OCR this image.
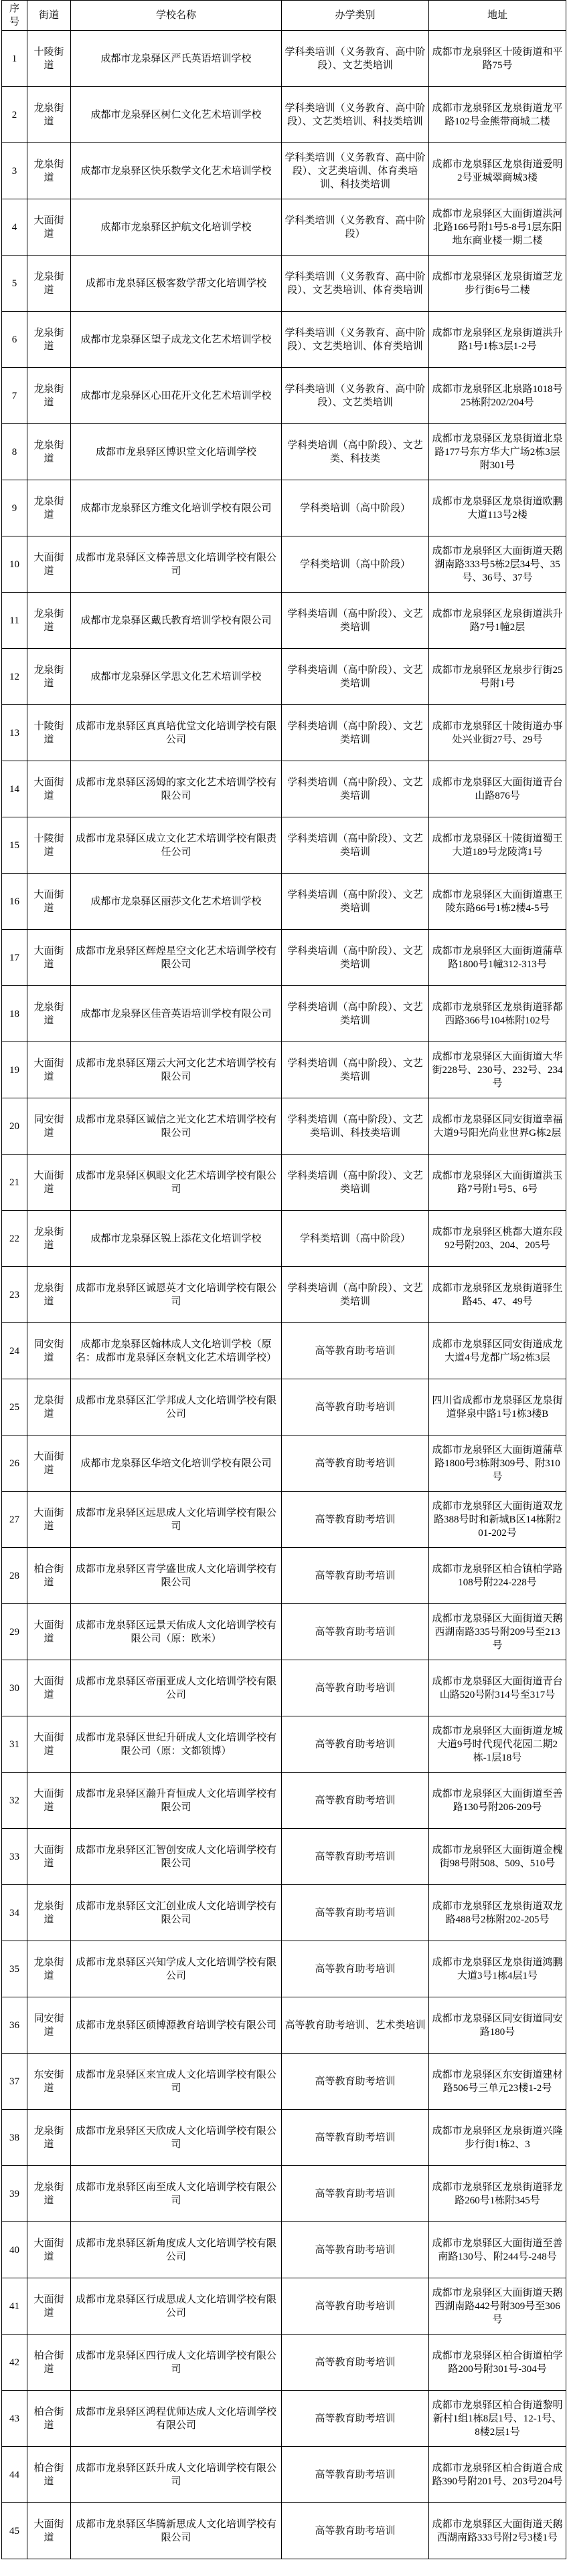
序号	街道	学校名称	办学类别	地址
1	十陵街道	成都市龙泉驿区严氏英语培训学校	学科类培训（义务教育、高中阶段）、文艺类培训	成都市龙泉驿区十陵街道和平路75号
2	龙泉街道	成都市龙泉驿区树仁文化艺术培训学校	学科类培训（义务教育、高中阶段）、文艺类培训、科技类培训	成都市龙泉驿区龙泉街道龙平路102号金熊带商城二楼
3	龙泉街道	成都市龙泉驿区快乐数学文化艺术培训学校	学科类培训（义务教育、高中阶段）、文艺类培训、体育类培训、科技类培训	成都市龙泉驿区龙泉街道爱明2号亚城翠商城3楼
4	大面街道	成都市龙泉驿区护航文化培训学校	学科类培训（义务教育、高中阶段）	成都市龙泉驿区大面街道洪河北路166号附1号5-8号1层东阳地东商业楼一期二楼
5	龙泉街道	成都市龙泉驿区极客数学帮文化培训学校	学科类培训（义务教育、高中阶段）、文艺类培训、体育类培训	成都市龙泉驿区龙泉街道芝龙步行街6号二楼
6	龙泉街道	成都市龙泉驿区望子成龙文化艺术培训学校	学科类培训（义务教育、高中阶段）、文艺类培训、体育类培训	成都市龙泉驿区龙泉街道洪升路1号1栋3层1-2号
7	龙泉街道	成都市龙泉驿区心田花开文化艺术培训学校	学科类培训（义务教育、高中阶段）、文艺类培训	成都市龙泉驿区北泉路1018号25栋附202/204号
8	龙泉街道	成都市龙泉驿区博识堂文化培训学校	学科类培训（高中阶段）、文艺类、科技类	成都市龙泉驿区龙泉街道北泉路177号东方华大广场2栋3层附301号
9	龙泉街道	成都市龙泉驿区方维文化培训学校有限公司	学科类培训（高中阶段）	成都市龙泉驿区龙泉街道欧鹏大道113号2楼
10	大面街道	成都市龙泉驿区文棒善思文化培训学校有限公司	学科类培训（高中阶段）	成都市龙泉驿区大面街道天鹅湖南路333号5栋2层34号、35号、36号、37号
11	龙泉街道	成都市龙泉驿区戴氏教育培训学校有限公司	学科类培训（高中阶段）、文艺类培训	成都市龙泉驿区龙泉街道洪升路7号1幢2层
12	龙泉街道	成都市龙泉驿区学思文化艺术培训学校	学科类培训（高中阶段）、文艺类培训	成都市龙泉驿区龙泉步行街25号附1号
13	十陵街道	成都市龙泉驿区真真培优堂文化培训学校有限公司	学科类培训（高中阶段）、文艺类培训	成都市龙泉驿区十陵街道办事处兴业街27号、29号
14	大面街道	成都市龙泉驿区汤姆的家文化艺术培训学校有限公司	学科类培训（高中阶段）、文艺类培训	成都市龙泉驿区大面街道青台山路876号
15	十陵街道	成都市龙泉驿区成立文化艺术培训学校有限责任公司	学科类培训（高中阶段）、文艺类培训	成都市龙泉驿区十陵街道蜀王大道189号龙陵湾1号
16	大面街道	成都市龙泉驿区丽莎文化艺术培训学校	学科类培训（高中阶段）、文艺类培训	成都市龙泉驿区大面街道惠王陵东路66号1栋2楼4-5号
17	大面街道	成都市龙泉驿区辉煌星空文化艺术培训学校有限公司	学科类培训（高中阶段）、文艺类培训	成都市龙泉驿区大面街道蒲草路1800号1幢312-313号
18	龙泉街道	成都市龙泉驿区佳音英语培训学校有限公司	学科类培训（高中阶段）、文艺类培训	成都市龙泉驿区龙泉街道驿都西路366号104栋附102号
19	大面街道	成都市龙泉驿区翔云大河文化艺术培训学校有限公司	学科类培训（高中阶段）、文艺类培训	成都市龙泉驿区大面街道大华街228号、230号、232号、234号
20	同安街道	成都市龙泉驿区诚信之光文化艺术培训学校有限公司	学科类培训（高中阶段）、文艺类培训、科技类培训	成都市龙泉驿区同安街道幸福大道9号阳光尚业世界G栋2层
21	大面街道	成都市龙泉驿区枫眼文化艺术培训学校有限公司	学科类培训（高中阶段）、文艺类培训	成都市龙泉驿区大面街道洪玉路7号附1号5、6号
22	龙泉街道	成都市龙泉驿区锐上添花文化培训学校	学科类培训（高中阶段）	成都市龙泉驿区桃都大道东段92号附203、204、205号
23	龙泉街道	成都市龙泉驿区诚恩英才文化培训学校有限公司	学科类培训（高中阶段）、文艺类培训	成都市龙泉驿区龙泉街道驿生路45、47、49号
24	同安街道	成都市龙泉驿区翰林成人文化培训学校（原名：成都市龙泉驿区奈帆文化艺术培训学校）	高等教育助考培训	成都市龙泉驿区同安街道成龙大道4号龙都广场2栋3层
25	龙泉街道	成都市龙泉驿区汇学邦成人文化培训学校有限公司	高等教育助考培训	四川省成都市龙泉驿区龙泉街道驿泉中路1号1栋3楼B
26	大面街道	成都市龙泉驿区华培文化培训学校有限公司	高等教育助考培训	成都市龙泉驿区大面街道蒲草路1800号3栋附309号、附310号
27	大面街道	成都市龙泉驿区远思成人文化培训学校有限公司	高等教育助考培训	成都市龙泉驿区大面街道双龙路388号时和新城B区14栋附201-202号
28	柏合街道	成都市龙泉驿区青学盛世成人文化培训学校有限公司	高等教育助考培训	成都市龙泉驿区柏合镇柏学路108号附224-228号
29	大面街道	成都市龙泉驿区远景天佑成人文化培训学校有限公司（原：欧米）	高等教育助考培训	成都市龙泉驿区大面街道天鹅西湖南路335号附209号至213号
30	大面街道	成都市龙泉驿区帝丽亚成人文化培训学校有限公司	高等教育助考培训	成都市龙泉驿区大面街道青台山路520号附314号至317号
31	大面街道	成都市龙泉驿区世纪升研成人文化培训学校有限公司（原：文都锁博）	高等教育助考培训	成都市龙泉驿区大面街道龙城大道9号时代现代花园二期2栋-1层18号
32	大面街道	成都市龙泉驿区瀚升育恒成人文化培训学校有限公司	高等教育助考培训	成都市龙泉驿区大面街道至善路130号附206-209号
33	大面街道	成都市龙泉驿区汇智创安成人文化培训学校有限公司	高等教育助考培训	成都市龙泉驿区大面街道金槐街98号附508、509、510号
34	龙泉街道	成都市龙泉驿区文汇创业成人文化培训学校有限公司	高等教育助考培训	成都市龙泉驿区龙泉街道双龙路488号2栋附202-205号
35	龙泉街道	成都市龙泉驿区兴知学成人文化培训学校有限公司	高等教育助考培训	成都市龙泉驿区龙泉街道鸿鹏大道3号1栋4层1号
36	同安街道	成都市龙泉驿区硕博源教育培训学校有限公司	高等教育助考培训、艺术类培训	成都市龙泉驿区同安街道同安路180号
37	东安街道	成都市龙泉驿区来宜成人文化培训学校有限公司	高等教育助考培训	成都市龙泉驿区东安街道建材路506号三单元23楼1-2号
38	龙泉街道	成都市龙泉驿区天欣成人文化培训学校有限公司	高等教育助考培训	成都市龙泉驿区龙泉街道兴隆步行街1栋2、3
39	龙泉街道	成都市龙泉驿区南至成人文化培训学校有限公司	高等教育助考培训	成都市龙泉驿区龙泉街道驿龙路260号1栋附345号
40	大面街道	成都市龙泉驿区新角度成人文化培训学校有限公司	高等教育助考培训	成都市龙泉驿区大面街道至善南路130号、附244号-248号
41	大面街道	成都市龙泉驿区行成思成人文化培训学校有限公司	高等教育助考培训	成都市龙泉驿区大面街道天鹅西湖南路442号附309号至306号
42	柏合街道	成都市龙泉驿区四行成人文化培训学校有限公司	高等教育助考培训	成都市龙泉驿区柏合街道柏学路200号附301号-304号
43	柏合街道	成都市龙泉驿区鸿程优师达成人文化培训学校有限公司	高等教育助考培训	成都市龙泉驿区柏合街道黎明新村1组1栋8层1号、12-1号、8楼2层1号
44	柏合街道	成都市龙泉驿区跃升成人文化培训学校有限公司	高等教育助考培训	成都市龙泉驿区柏合街道合成路390号附201号、203号204号
45	大面街道	成都市龙泉驿区华腾新思成人文化培训学校有限公司	高等教育助考培训	成都市龙泉驿区大面街道天鹅西湖南路333号附2号3楼1号
